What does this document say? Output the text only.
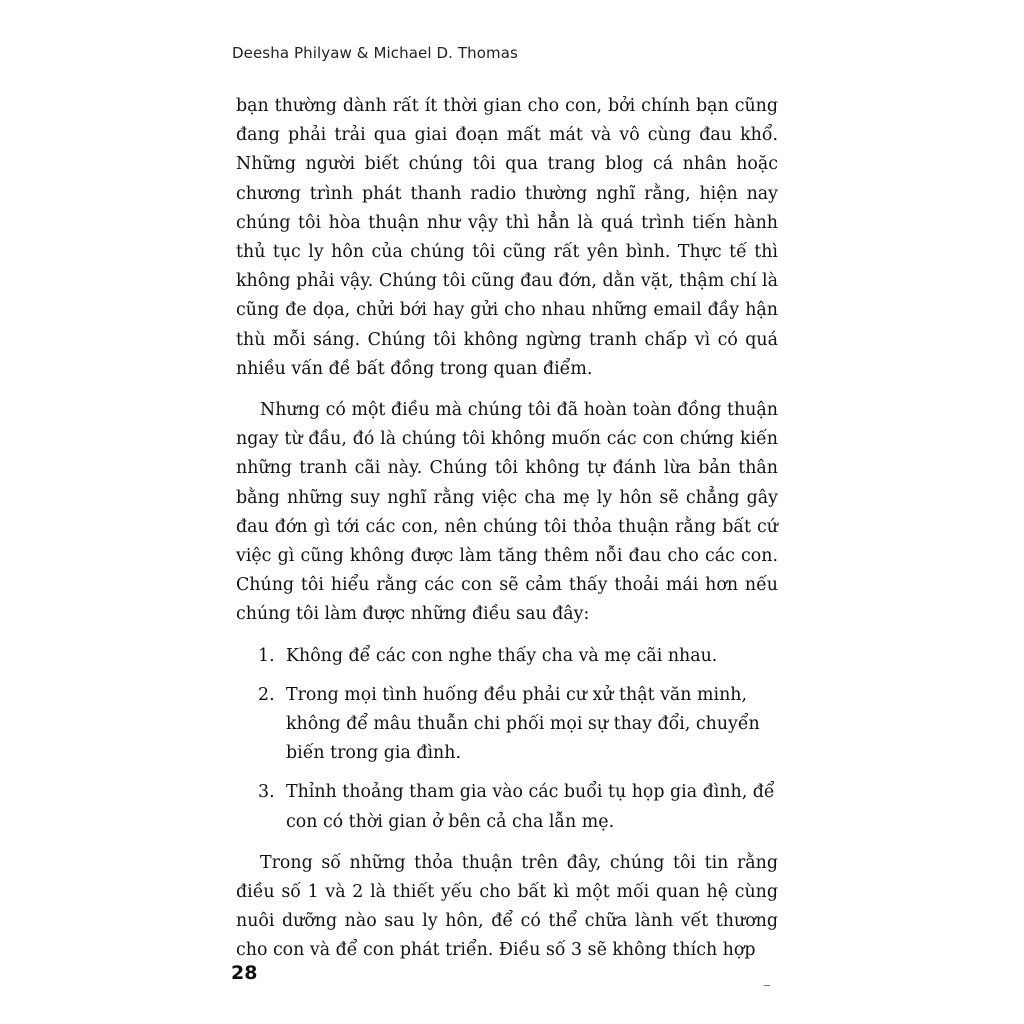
Deesha Philyaw & Michael D. Thomas

bạn thường dành rất ít thời gian cho con, bởi chính bạn cũng đang phải trải qua giai đoạn mất mát và vô cùng đau khổ. Những người biết chúng tôi qua trang blog cá nhân hoặc chương trình phát thanh radio thường nghĩ rằng, hiện nay chúng tôi hòa thuận như vậy thì hẳn là quá trình tiến hành thủ tục ly hôn của chúng tôi cũng rất yên bình. Thực tế thì không phải vậy. Chúng tôi cũng đau đớn, dằn vặt, thậm chí là cũng đe dọa, chửi bới hay gửi cho nhau những email đầy hận thù mỗi sáng. Chúng tôi không ngừng tranh chấp vì có quá nhiều vấn đề bất đồng trong quan điểm.

Nhưng có một điều mà chúng tôi đã hoàn toàn đồng thuận ngay từ đầu, đó là chúng tôi không muốn các con chứng kiến những tranh cãi này. Chúng tôi không tự đánh lừa bản thân bằng những suy nghĩ rằng việc cha mẹ ly hôn sẽ chẳng gây đau đớn gì tới các con, nên chúng tôi thỏa thuận rằng bất cứ việc gì cũng không được làm tăng thêm nỗi đau cho các con. Chúng tôi hiểu rằng các con sẽ cảm thấy thoải mái hơn nếu chúng tôi làm được những điều sau đây:

1. Không để các con nghe thấy cha và mẹ cãi nhau.
2. Trong mọi tình huống đều phải cư xử thật văn minh, không để mâu thuẫn chi phối mọi sự thay đổi, chuyển biến trong gia đình.
3. Thỉnh thoảng tham gia vào các buổi tụ họp gia đình, để con có thời gian ở bên cả cha lẫn mẹ.

Trong số những thỏa thuận trên đây, chúng tôi tin rằng điều số 1 và 2 là thiết yếu cho bất kì một mối quan hệ cùng nuôi dưỡng nào sau ly hôn, để có thể chữa lành vết thương cho con và để con phát triển. Điều số 3 sẽ không thích hợp

28
